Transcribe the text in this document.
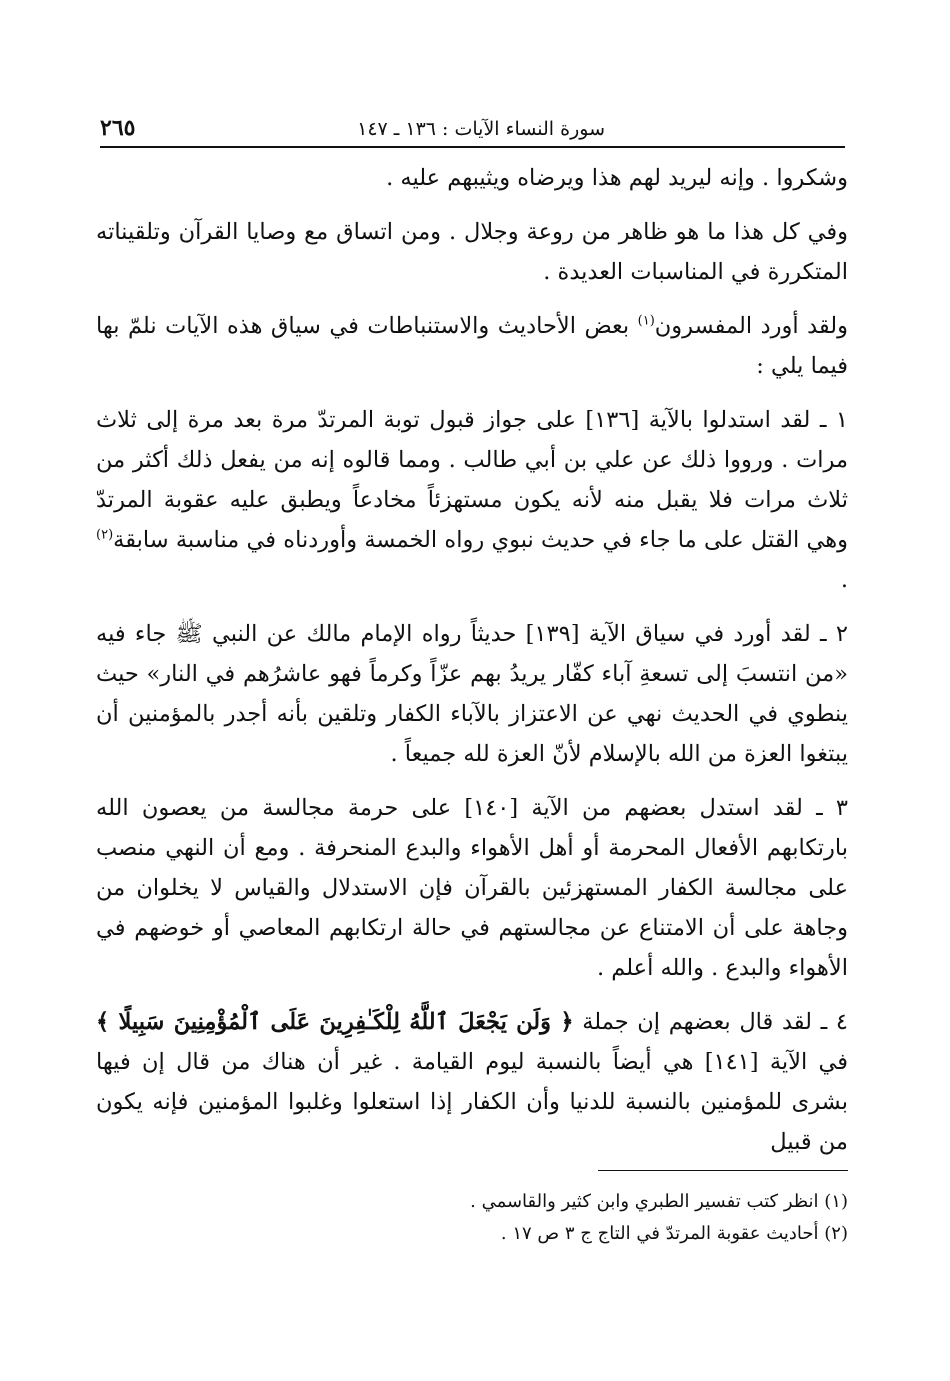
سورة النساء الآيات : ١٣٦ ـ ١٤٧
٢٦٥

وشكروا . وإنه ليريد لهم هذا ويرضاه ويثيبهم عليه .

وفي كل هذا ما هو ظاهر من روعة وجلال . ومن اتساق مع وصايا القرآن وتلقيناته المتكررة في المناسبات العديدة .

ولقد أورد المفسرون$^{(١)}$ بعض الأحاديث والاستنباطات في سياق هذه الآيات نلمّ بها فيما يلي :

١ ـ لقد استدلوا بالآية [١٣٦] على جواز قبول توبة المرتدّ مرة بعد مرة إلى ثلاث مرات . ورووا ذلك عن علي بن أبي طالب . ومما قالوه إنه من يفعل ذلك أكثر من ثلاث مرات فلا يقبل منه لأنه يكون مستهزئاً مخادعاً ويطبق عليه عقوبة المرتدّ وهي القتل على ما جاء في حديث نبوي رواه الخمسة وأوردناه في مناسبة سابقة$^{(٢)}$ .

٢ ـ لقد أورد في سياق الآية [١٣٩] حديثاً رواه الإمام مالك عن النبي ﷺ جاء فيه «من انتسبَ إلى تسعةِ آباء كفّار يريدُ بهم عزّاً وكرماً فهو عاشرُهم في النار» حيث ينطوي في الحديث نهي عن الاعتزاز بالآباء الكفار وتلقين بأنه أجدر بالمؤمنين أن يبتغوا العزة من الله بالإسلام لأنّ العزة لله جميعاً .

٣ ـ لقد استدل بعضهم من الآية [١٤٠] على حرمة مجالسة من يعصون الله بارتكابهم الأفعال المحرمة أو أهل الأهواء والبدع المنحرفة . ومع أن النهي منصب على مجالسة الكفار المستهزئين بالقرآن فإن الاستدلال والقياس لا يخلوان من وجاهة على أن الامتناع عن مجالستهم في حالة ارتكابهم المعاصي أو خوضهم في الأهواء والبدع . والله أعلم .

٤ ـ لقد قال بعضهم إن جملة ﴿ وَلَن يَجْعَلَ ٱللَّهُ لِلْكَـٰفِرِينَ عَلَى ٱلْمُؤْمِنِينَ سَبِيلًا ﴾ في الآية [١٤١] هي أيضاً بالنسبة ليوم القيامة . غير أن هناك من قال إن فيها بشرى للمؤمنين بالنسبة للدنيا وأن الكفار إذا استعلوا وغلبوا المؤمنين فإنه يكون من قبيل

(١) انظر كتب تفسير الطبري وابن كثير والقاسمي .
(٢) أحاديث عقوبة المرتدّ في التاج ج ٣ ص ١٧ .
